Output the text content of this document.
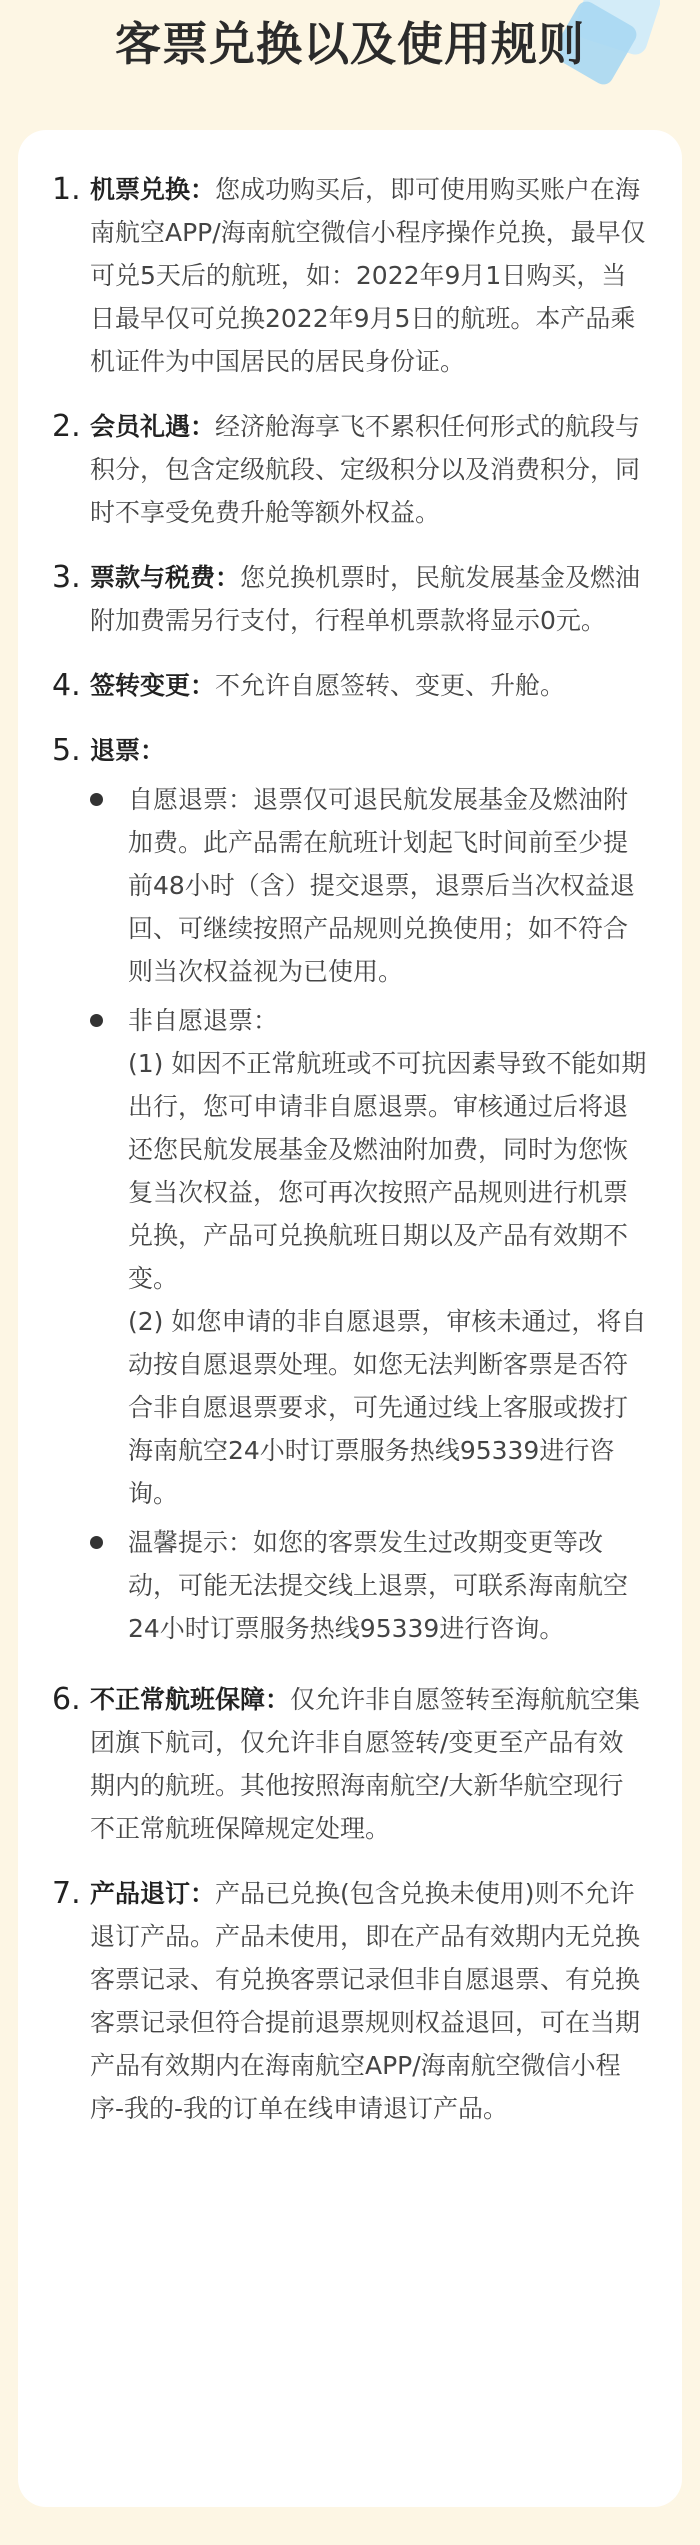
客票兑换以及使用规则
1. 机票兑换：您成功购买后，即可使用购买账户在海南航空APP/海南航空微信小程序操作兑换，最早仅可兑5天后的航班，如：2022年9月1日购买，当日最早仅可兑换2022年9月5日的航班。本产品乘机证件为中国居民的居民身份证。
2. 会员礼遇：经济舱海享飞不累积任何形式的航段与积分，包含定级航段、定级积分以及消费积分，同时不享受免费升舱等额外权益。
3. 票款与税费：您兑换机票时，民航发展基金及燃油附加费需另行支付，行程单机票款将显示0元。
4. 签转变更：不允许自愿签转、变更、升舱。
5. 退票：
自愿退票：退票仅可退民航发展基金及燃油附加费。此产品需在航班计划起飞时间前至少提前48小时（含）提交退票，退票后当次权益退回、可继续按照产品规则兑换使用；如不符合则当次权益视为已使用。
非自愿退票：
(1) 如因不正常航班或不可抗因素导致不能如期出行，您可申请非自愿退票。审核通过后将退还您民航发展基金及燃油附加费，同时为您恢复当次权益，您可再次按照产品规则进行机票兑换，产品可兑换航班日期以及产品有效期不变。
(2) 如您申请的非自愿退票，审核未通过，将自动按自愿退票处理。如您无法判断客票是否符合非自愿退票要求，可先通过线上客服或拨打海南航空24小时订票服务热线95339进行咨询。
温馨提示：如您的客票发生过改期变更等改动，可能无法提交线上退票，可联系海南航空24小时订票服务热线95339进行咨询。
6. 不正常航班保障：仅允许非自愿签转至海航航空集团旗下航司，仅允许非自愿签转/变更至产品有效期内的航班。其他按照海南航空/大新华航空现行不正常航班保障规定处理。
7. 产品退订：产品已兑换(包含兑换未使用)则不允许退订产品。产品未使用，即在产品有效期内无兑换客票记录、有兑换客票记录但非自愿退票、有兑换客票记录但符合提前退票规则权益退回，可在当期产品有效期内在海南航空APP/海南航空微信小程序-我的-我的订单在线申请退订产品。
